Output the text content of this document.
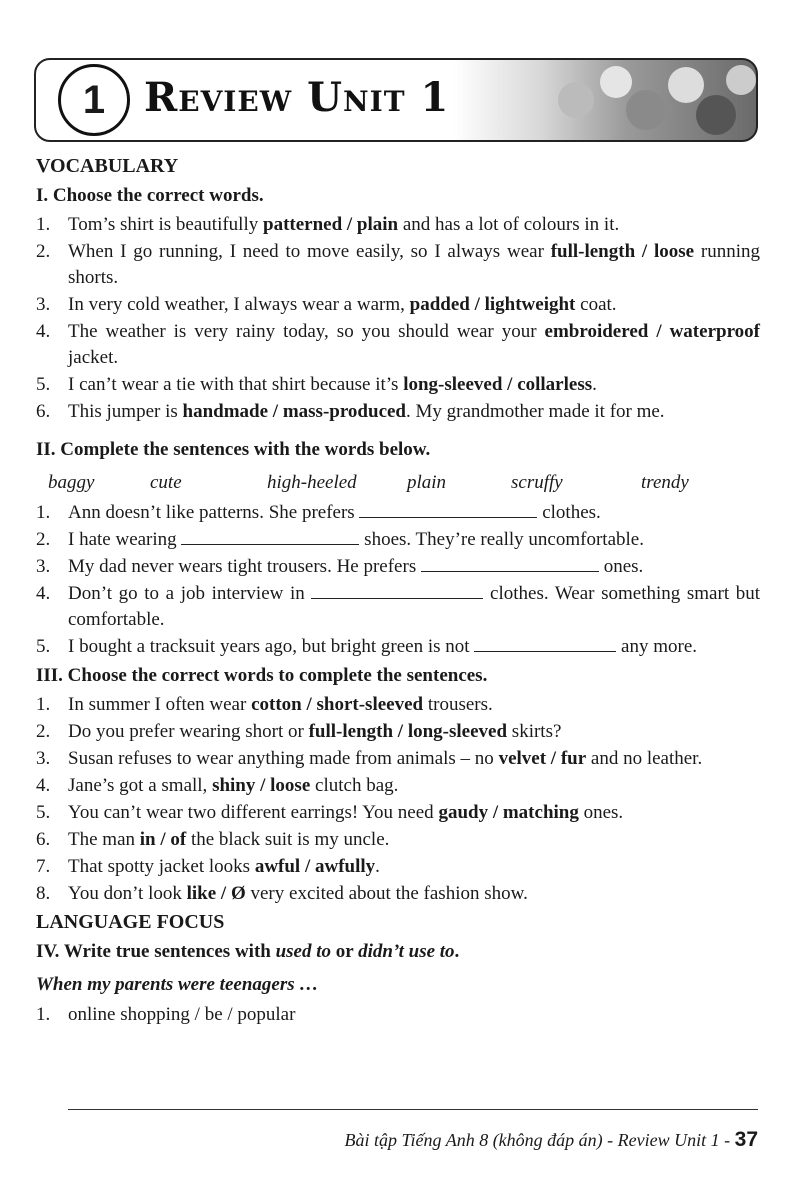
1 Review Unit 1

VOCABULARY

I. Choose the correct words.

1. Tom’s shirt is beautifully patterned / plain and has a lot of colours in it.
2. When I go running, I need to move easily, so I always wear full-length / loose running shorts.
3. In very cold weather, I always wear a warm, padded / lightweight coat.
4. The weather is very rainy today, so you should wear your embroidered / waterproof jacket.
5. I can’t wear a tie with that shirt because it’s long-sleeved / collarless.
6. This jumper is handmade / mass-produced. My grandmother made it for me.

II. Complete the sentences with the words below.

baggy	cute	high-heeled	plain	scruffy	trendy
1. Ann doesn’t like patterns. She prefers	clothes.
2. I hate wearing	shoes. They’re really uncomfortable.
3. My dad never wears tight trousers. He prefers	ones.
4. Don’t go to a job interview in	clothes. Wear something smart but comfortable.
5. I bought a tracksuit years ago, but bright green is not	any more.

III. Choose the correct words to complete the sentences.

1. In summer I often wear cotton / short-sleeved trousers.
2. Do you prefer wearing short or full-length / long-sleeved skirts?
3. Susan refuses to wear anything made from animals – no velvet / fur and no leather.
4. Jane’s got a small, shiny / loose clutch bag.
5. You can’t wear two different earrings! You need gaudy / matching ones.
6. The man in / of the black suit is my uncle.
7. That spotty jacket looks awful / awfully.
8. You don’t look like / Ø very excited about the fashion show.

LANGUAGE FOCUS

IV. Write true sentences with used to or didn’t use to.

When my parents were teenagers …
1. online shopping / be / popular
Bài tập Tiếng Anh 8 (không đáp án) - Review Unit 1 - 37
